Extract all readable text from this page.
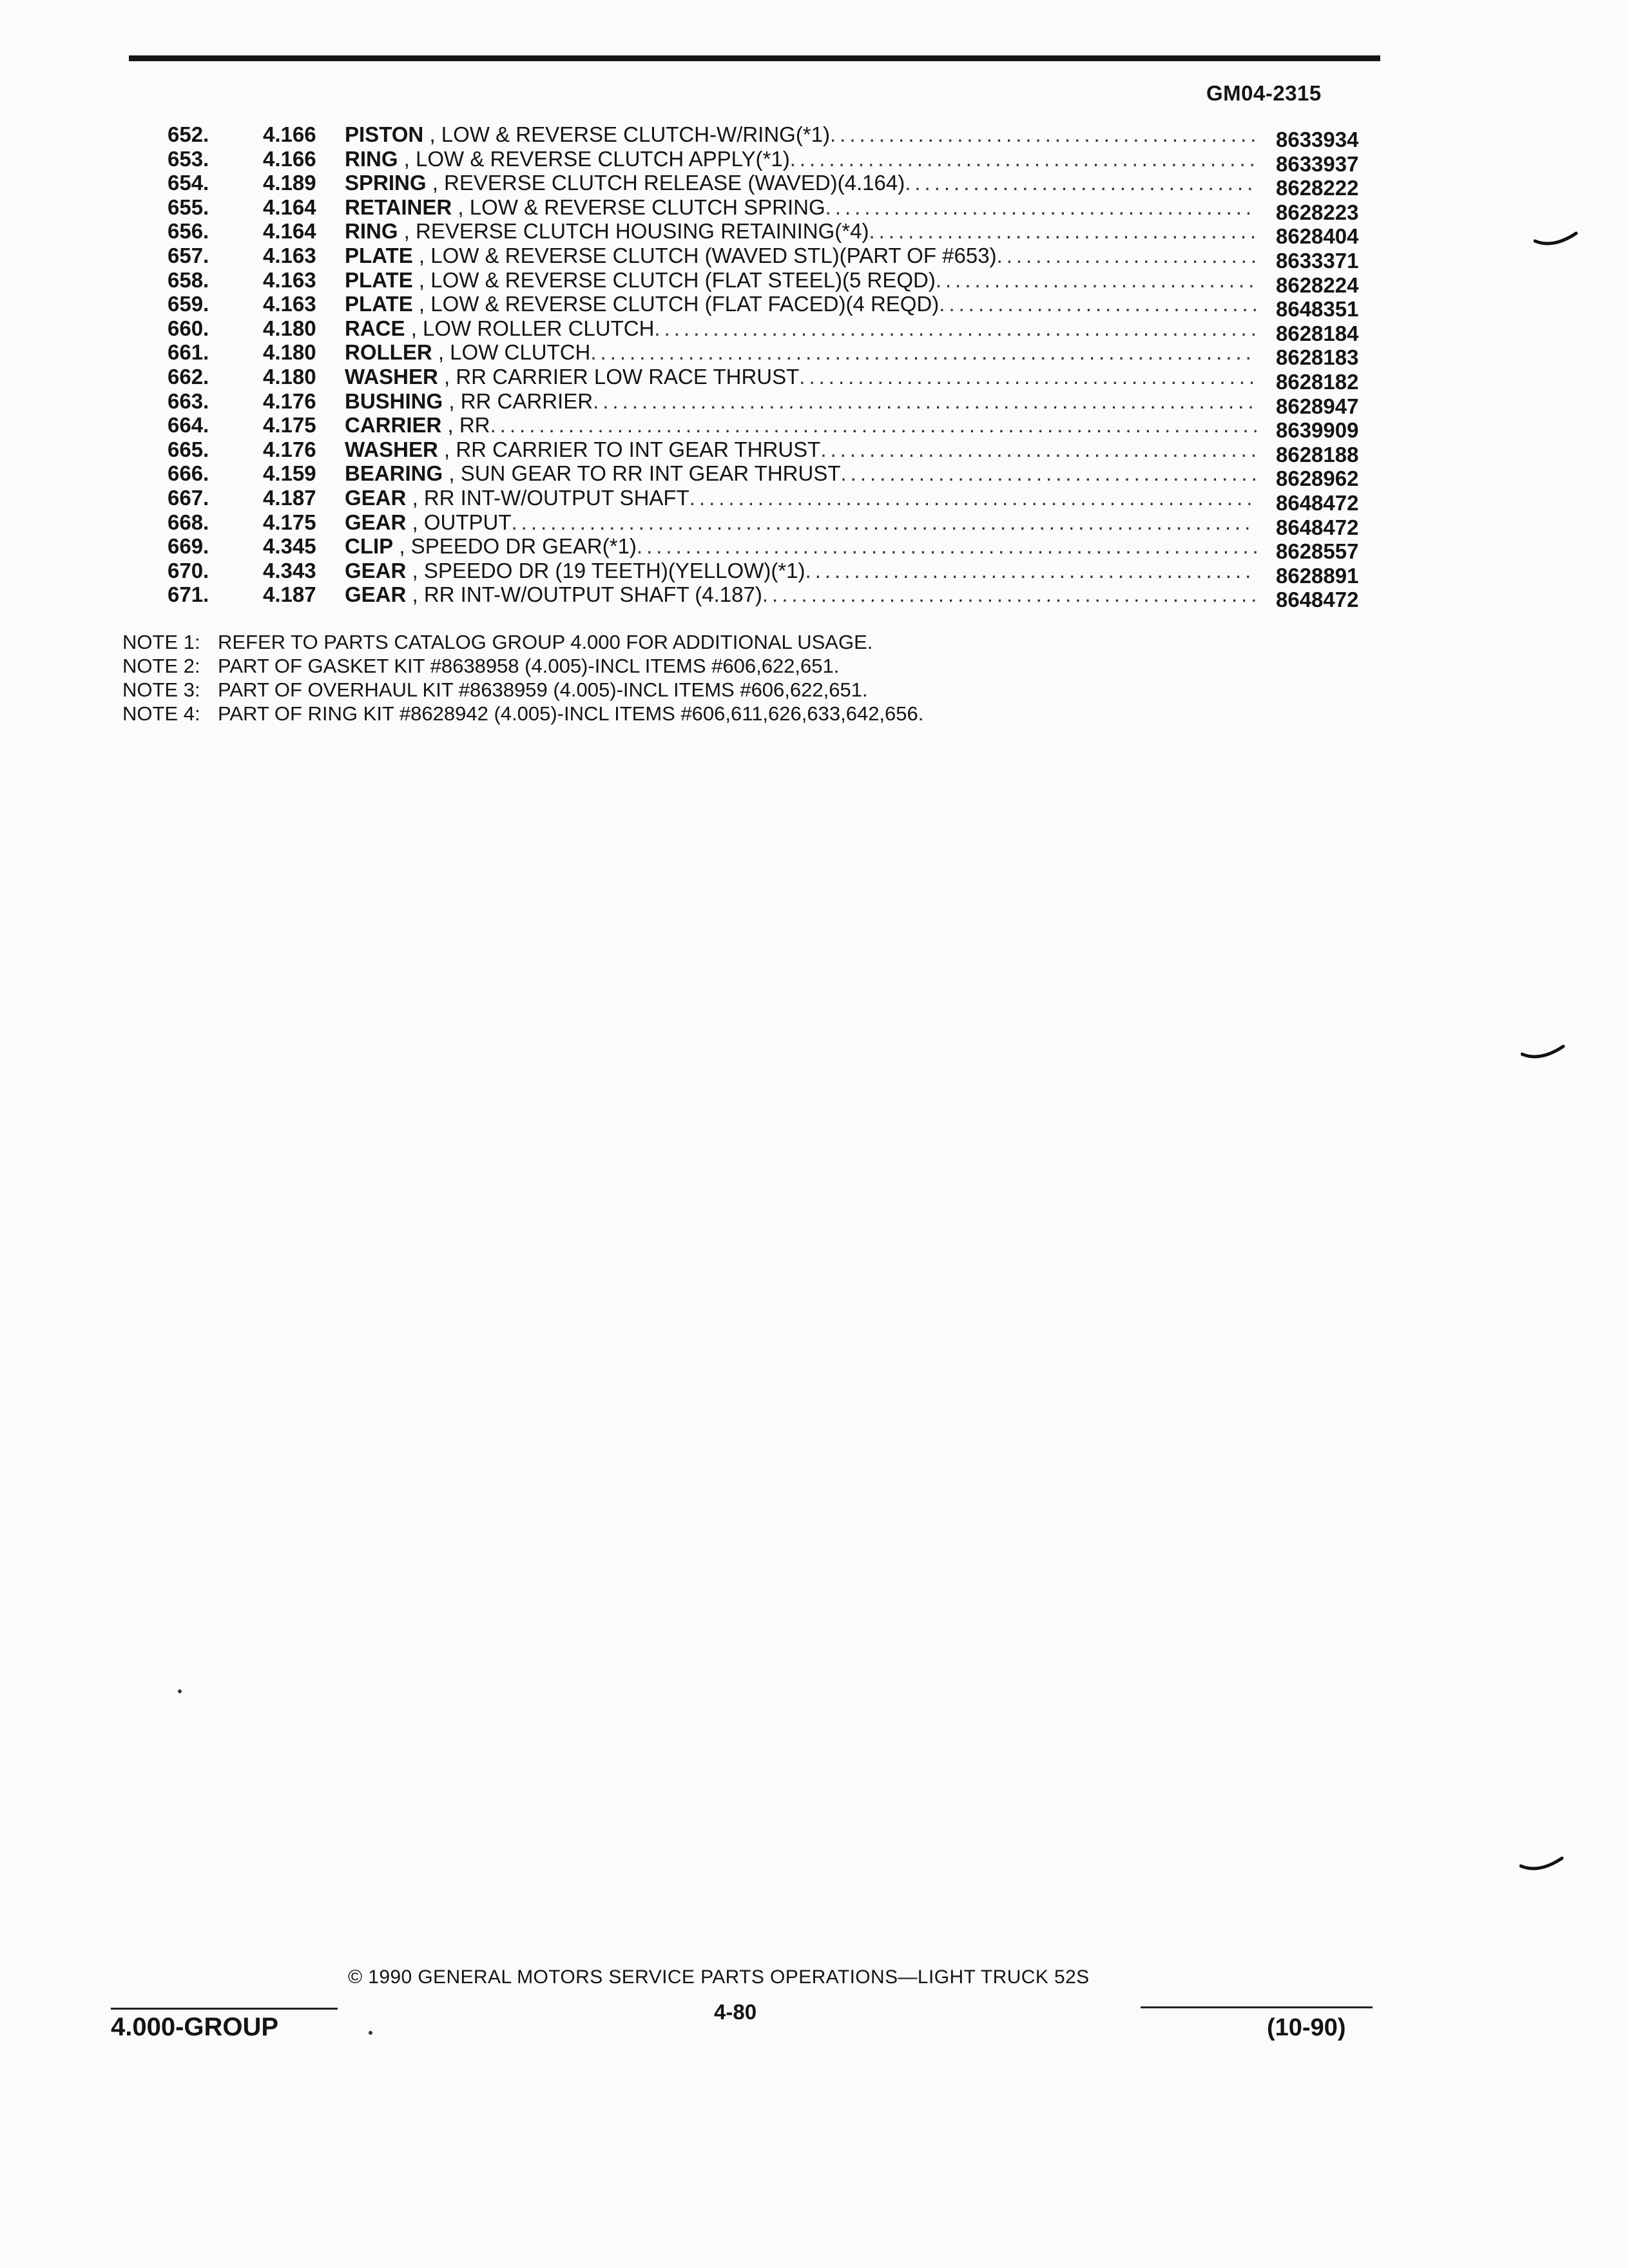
GM04-2315
652.	4.166	PISTON , LOW & REVERSE CLUTCH-W/RING(*1) ............................................ 8633934
653.	4.166	RING , LOW & REVERSE CLUTCH APPLY(*1) ................................................ 8633937
654.	4.189	SPRING , REVERSE CLUTCH RELEASE (WAVED)(4.164) .................................... 8628222
655.	4.164	RETAINER , LOW & REVERSE CLUTCH SPRING ............................................ 8628223
656.	4.164	RING , REVERSE CLUTCH HOUSING RETAINING(*4) ........................................ 8628404
657.	4.163	PLATE , LOW & REVERSE CLUTCH (WAVED STL)(PART OF #653) ........................... 8633371
658.	4.163	PLATE , LOW & REVERSE CLUTCH (FLAT STEEL)(5 REQD) ................................. 8628224
659.	4.163	PLATE , LOW & REVERSE CLUTCH (FLAT FACED)(4 REQD) ................................. 8648351
660.	4.180	RACE , LOW ROLLER CLUTCH .............................................................. 8628184
661.	4.180	ROLLER , LOW CLUTCH .................................................................... 8628183
662.	4.180	WASHER , RR CARRIER LOW RACE THRUST ............................................... 8628182
663.	4.176	BUSHING , RR CARRIER .................................................................... 8628947
664.	4.175	CARRIER , RR ............................................................................... 8639909
665.	4.176	WASHER , RR CARRIER TO INT GEAR THRUST ............................................. 8628188
666.	4.159	BEARING , SUN GEAR TO RR INT GEAR THRUST ........................................... 8628962
667.	4.187	GEAR , RR INT-W/OUTPUT SHAFT .......................................................... 8648472
668.	4.175	GEAR , OUTPUT ............................................................................ 8648472
669.	4.345	CLIP , SPEEDO DR GEAR(*1) ................................................................ 8628557
670.	4.343	GEAR , SPEEDO DR (19 TEETH)(YELLOW)(*1) .............................................. 8628891
671.	4.187	GEAR , RR INT-W/OUTPUT SHAFT (4.187) ................................................... 8648472
NOTE 1: REFER TO PARTS CATALOG GROUP 4.000 FOR ADDITIONAL USAGE.
NOTE 2: PART OF GASKET KIT #8638958 (4.005)-INCL ITEMS #606,622,651.
NOTE 3: PART OF OVERHAUL KIT #8638959 (4.005)-INCL ITEMS #606,622,651.
NOTE 4: PART OF RING KIT #8628942 (4.005)-INCL ITEMS #606,611,626,633,642,656.
© 1990 GENERAL MOTORS SERVICE PARTS OPERATIONS—LIGHT TRUCK 52S
4.000-GROUP
4-80
(10-90)
